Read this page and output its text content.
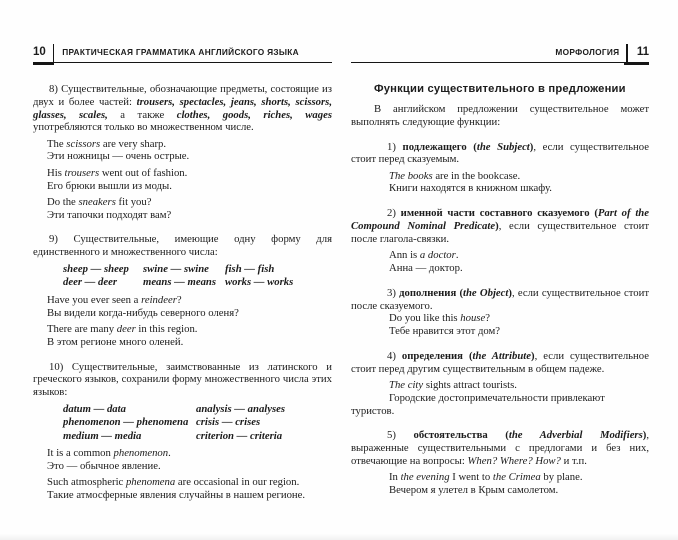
10 ПРАКТИЧЕСКАЯ ГРАММАТИКА АНГЛИЙСКОГО ЯЗЫКА
8) Существительные, обозначающие предметы, состоящие из двух и более частей: trousers, spectacles, jeans, shorts, scissors, glasses, scales, а также clothes, goods, riches, wages употребляются только во множественном числе.
The scissors are very sharp.
Эти ножницы — очень острые.
His trousers went out of fashion.
Его брюки вышли из моды.
Do the sneakers fit you?
Эти тапочки подходят вам?
9) Существительные, имеющие одну форму для единственного и множественного числа:
sheep — sheep	swine — swine	fish — fish
deer — deer	means — means works — works
Have you ever seen a reindeer?
Вы видели когда-нибудь северного оленя?
There are many deer in this region.
В этом регионе много оленей.
10) Существительные, заимствованные из латинского и греческого языков, сохранили форму множественного числа этих языков:
datum — data	analysis — analyses
phenomenon — phenomena crisis — crises
medium — media	criterion — criteria
It is a common phenomenon.
Это — обычное явление.
Such atmospheric phenomena are occasional in our region.
Такие атмосферные явления случайны в нашем регионе.
МОРФОЛОГИЯ 11
Функции существительного в предложении
В английском предложении существительное может выполнять следующие функции:
1) подлежащего (the Subject), если существительное стоит перед сказуемым.
The books are in the bookcase.
Книги находятся в книжном шкафу.
2) именной части составного сказуемого (Part of the Compound Nominal Predicate), если существительное стоит после глагола-связки.
Ann is a doctor.
Анна — доктор.
3) дополнения (the Object), если существительное стоит после сказуемого.
Do you like this house?
Тебе нравится этот дом?
4) определения (the Attribute), если существительное стоит перед другим существительным в общем падеже.
The city sights attract tourists.
Городские достопримечательности привлекают туристов.
5) обстоятельства (the Adverbial Modifiers), выраженные существительными с предлогами и без них, отвечающие на вопросы: When? Where? How? и т.п.
In the evening I went to the Crimea by plane.
Вечером я улетел в Крым самолетом.
